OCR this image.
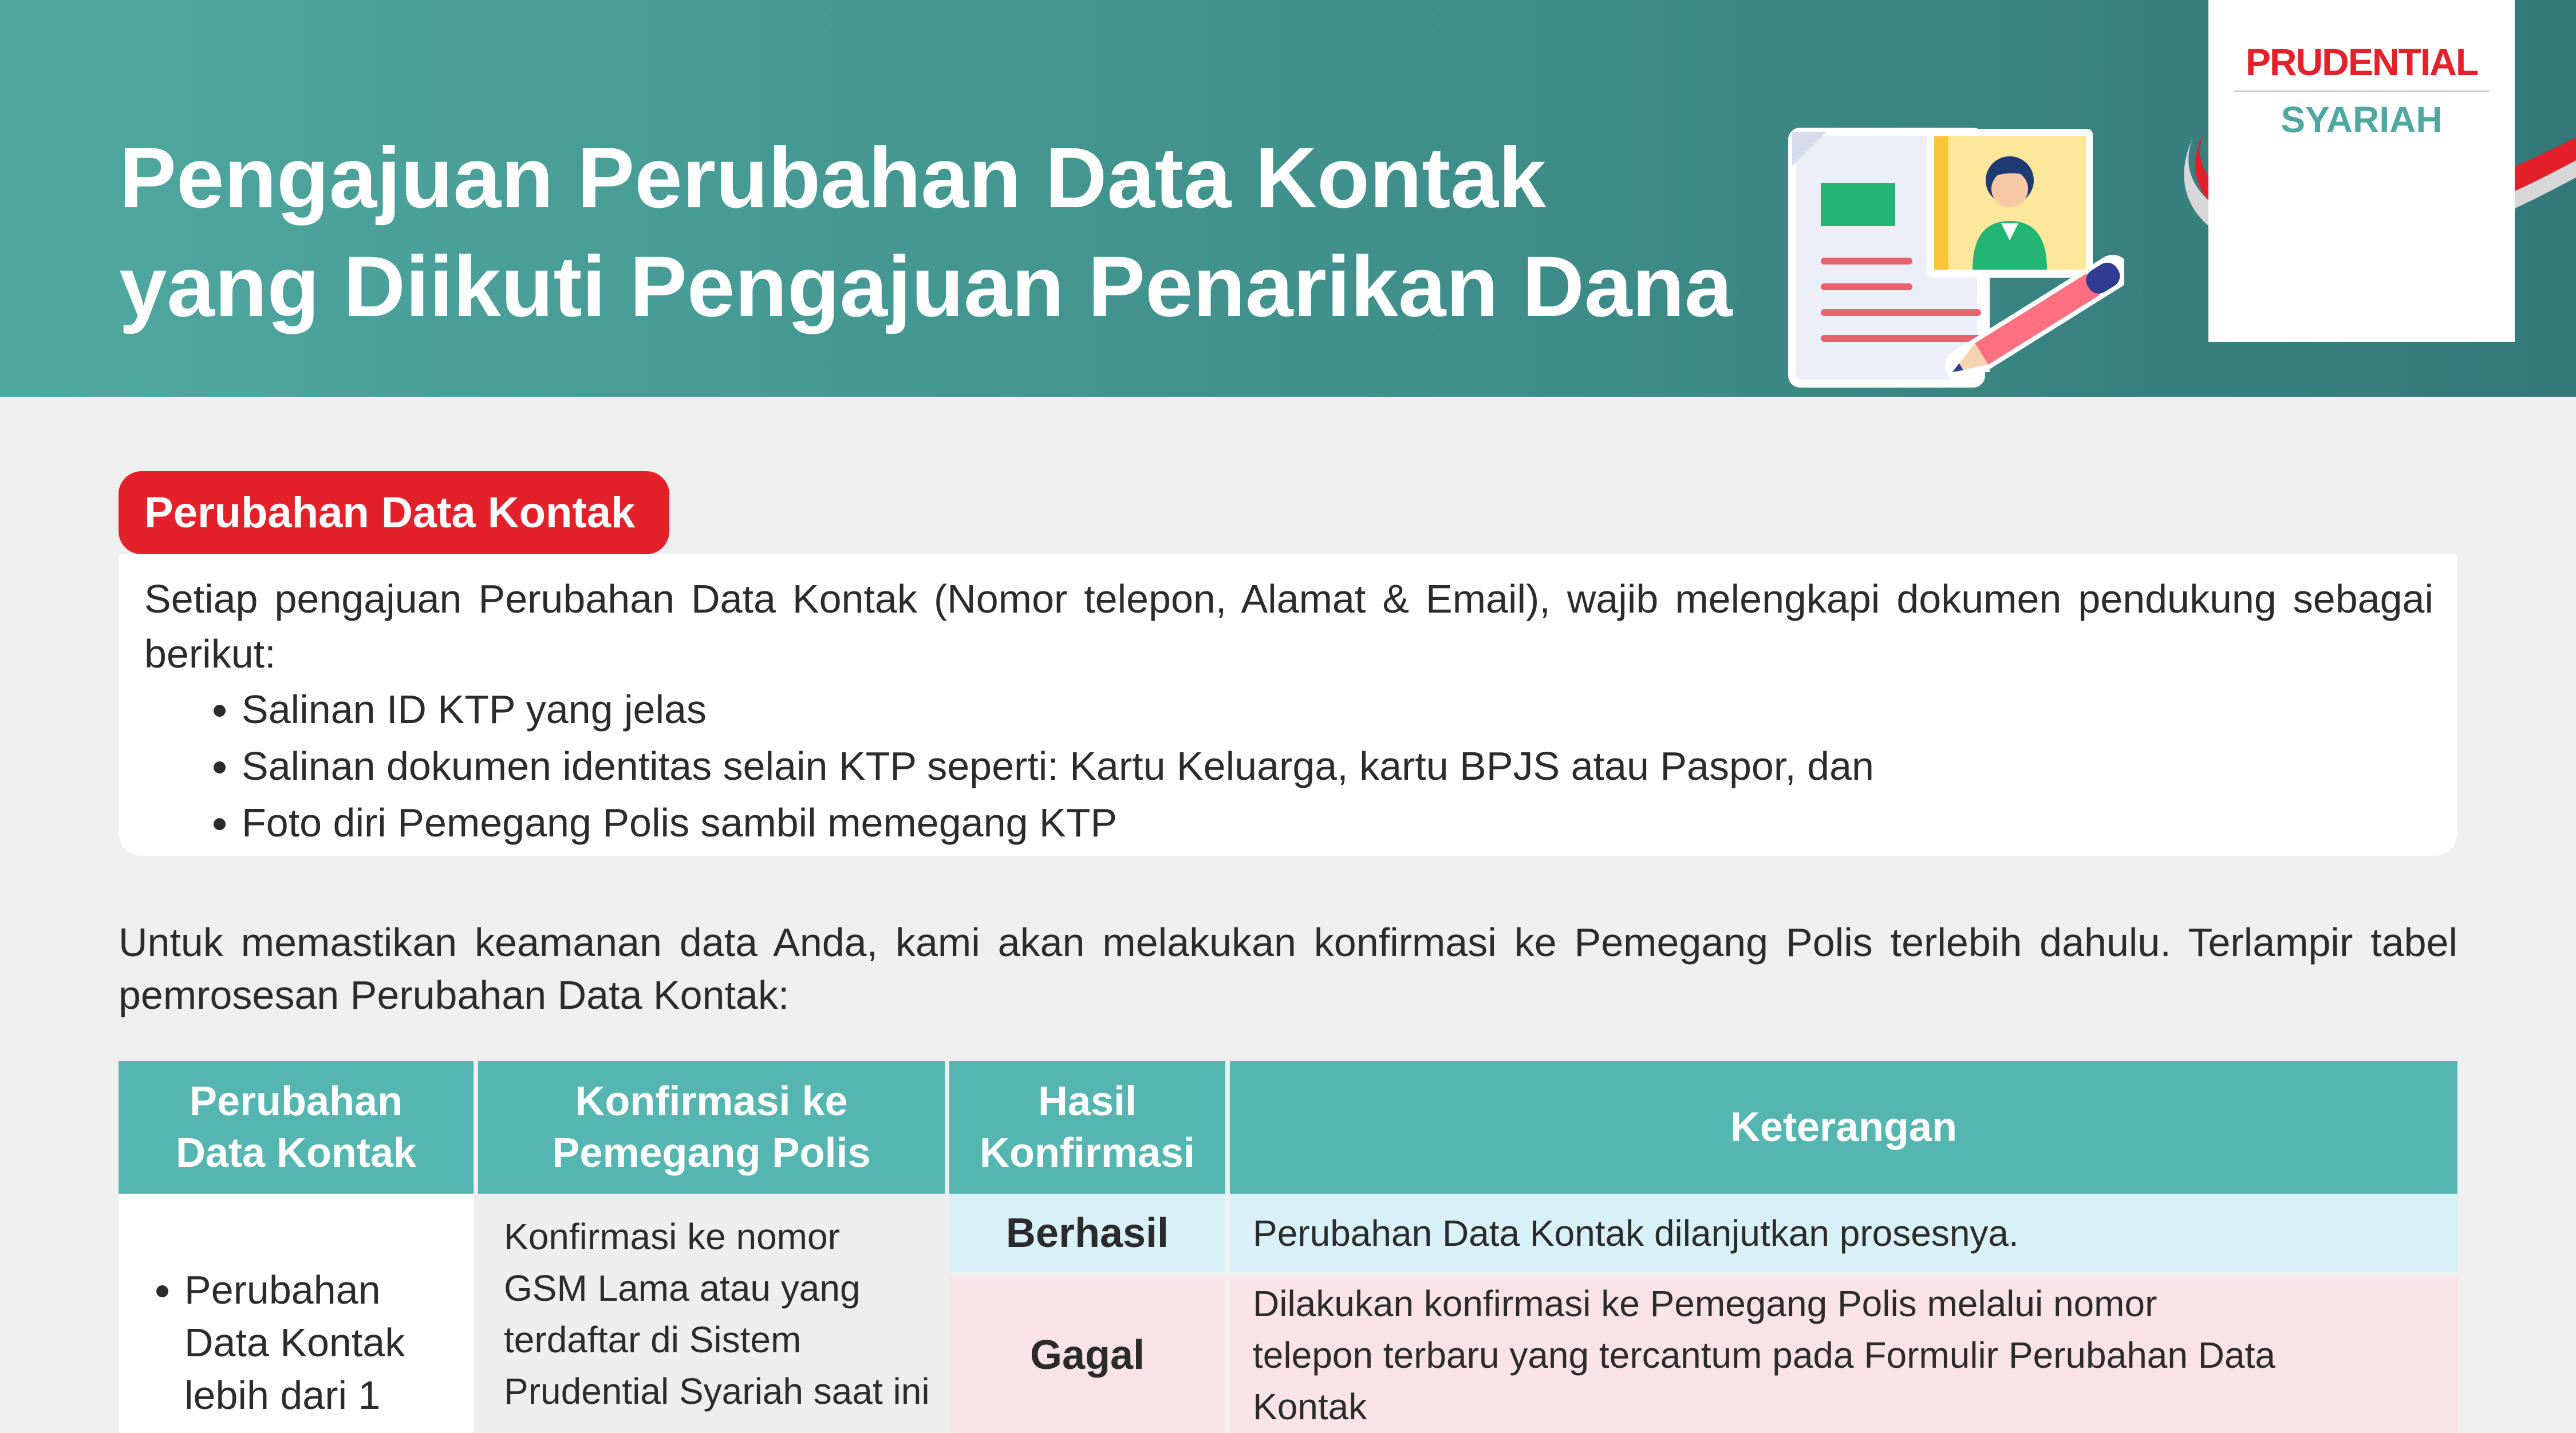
Pengajuan Perubahan Data Kontak
yang Diikuti Pengajuan Penarikan Dana
PRUDENTIAL
SYARIAH
Perubahan Data Kontak

Setiap pengajuan Perubahan Data Kontak (Nomor telepon, Alamat & Email), wajib melengkapi dokumen pendukung sebagai berikut:

• Salinan ID KTP yang jelas
• Salinan dokumen identitas selain KTP seperti: Kartu Keluarga, kartu BPJS atau Paspor, dan
• Foto diri Pemegang Polis sambil memegang KTP

Untuk memastikan keamanan data Anda, kami akan melakukan konfirmasi ke Pemegang Polis terlebih dahulu. Terlampir tabel pemrosesan Perubahan Data Kontak:

Perubahan Data Kontak
Konfirmasi ke Pemegang Polis
Hasil Konfirmasi
Keterangan
• Perubahan Data Kontak lebih dari 1
Konfirmasi ke nomor GSM Lama atau yang terdaftar di Sistem Prudential Syariah saat ini
Berhasil	Perubahan Data Kontak dilanjutkan prosesnya.
Gagal
Dilakukan konfirmasi ke Pemegang Polis melalui nomor telepon terbaru yang tercantum pada Formulir Perubahan Data Kontak
